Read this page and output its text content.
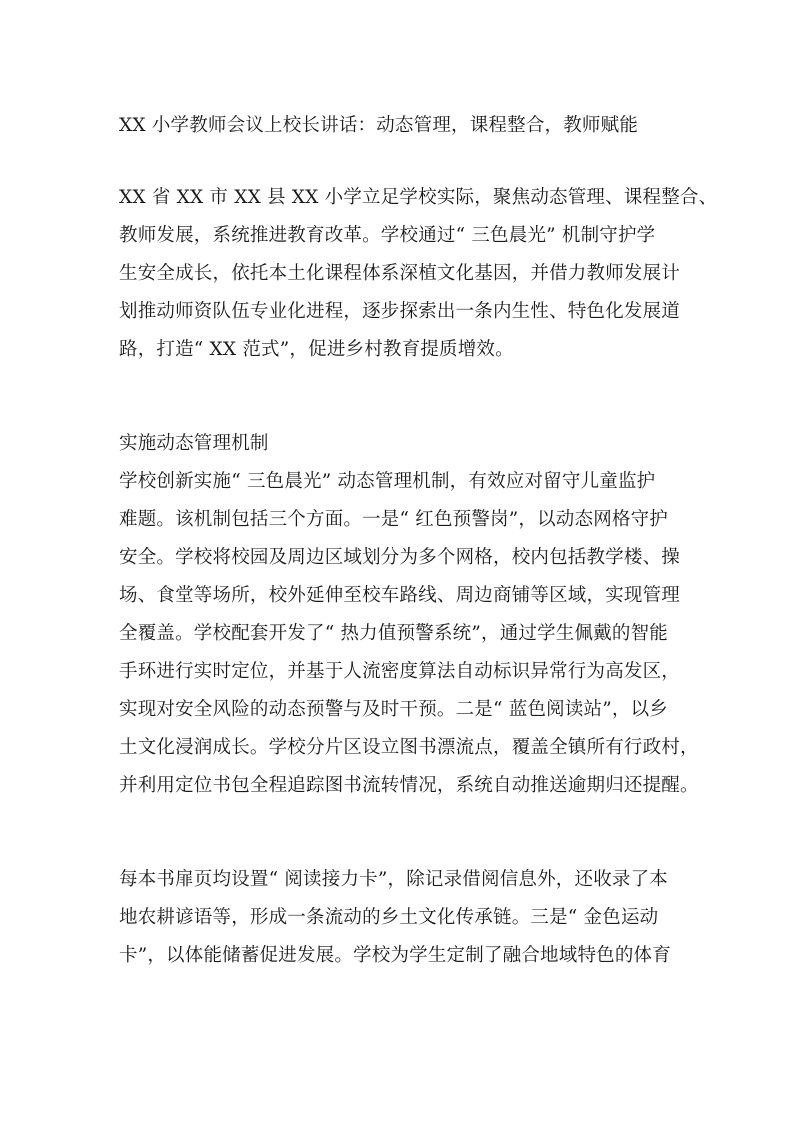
XX 小学教师会议上校长讲话：动态管理，课程整合，教师赋能
XX 省 XX 市 XX 县 XX 小学立足学校实际，聚焦动态管理、课程整合、
教师发展，系统推进教育改革。学校通过“ 三色晨光” 机制守护学
生安全成长，依托本土化课程体系深植文化基因，并借力教师发展计
划推动师资队伍专业化进程，逐步探索出一条内生性、特色化发展道
路，打造“ XX 范式”，促进乡村教育提质增效。
实施动态管理机制
学校创新实施“ 三色晨光” 动态管理机制，有效应对留守儿童监护
难题。该机制包括三个方面。一是“ 红色预警岗”，以动态网格守护
安全。学校将校园及周边区域划分为多个网格，校内包括教学楼、操
场、食堂等场所，校外延伸至校车路线、周边商铺等区域，实现管理
全覆盖。学校配套开发了“ 热力值预警系统”，通过学生佩戴的智能
手环进行实时定位，并基于人流密度算法自动标识异常行为高发区，
实现对安全风险的动态预警与及时干预。二是“ 蓝色阅读站”，以乡
土文化浸润成长。学校分片区设立图书漂流点，覆盖全镇所有行政村，
并利用定位书包全程追踪图书流转情况，系统自动推送逾期归还提醒。
每本书扉页均设置“ 阅读接力卡”，除记录借阅信息外，还收录了本
地农耕谚语等，形成一条流动的乡土文化传承链。三是“ 金色运动
卡”，以体能储蓄促进发展。学校为学生定制了融合地域特色的体育
